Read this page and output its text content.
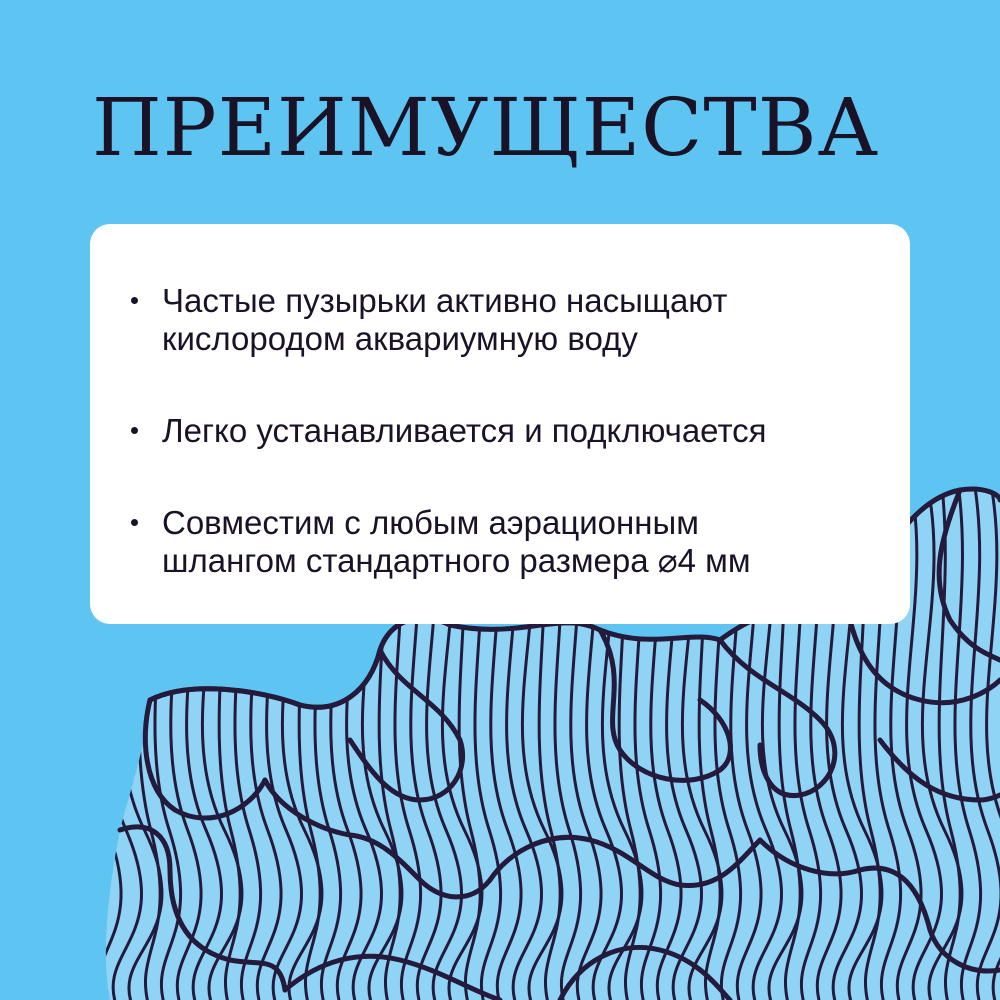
ПРЕИМУЩЕСТВА
Частые пузырьки активно насыщают
кислородом аквариумную воду
Легко устанавливается и подключается
Совместим с любым аэрационным
шлангом стандартного размера ⌀4 мм
